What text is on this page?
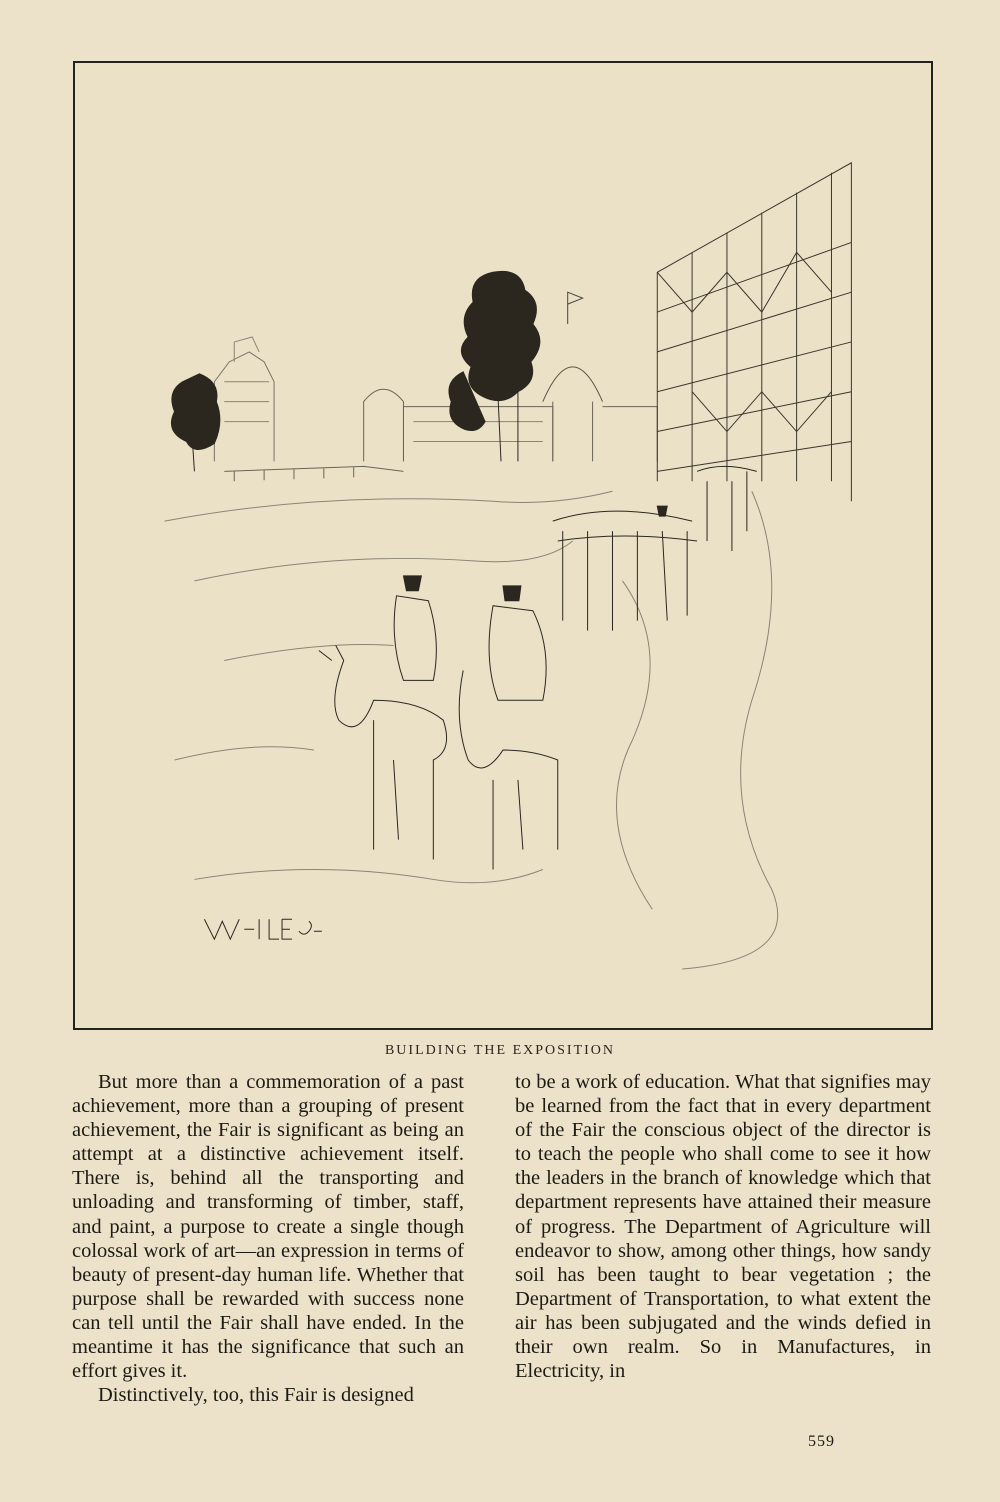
BUILDING THE EXPOSITION

But more than a commemoration of a past achievement, more than a grouping of present achievement, the Fair is significant as being an attempt at a distinctive achievement itself. There is, behind all the transporting and unloading and transforming of timber, staff, and paint, a purpose to create a single though colossal work of art—an expression in terms of beauty of present-day human life. Whether that purpose shall be rewarded with success none can tell until the Fair shall have ended. In the meantime it has the significance that such an effort gives it.

Distinctively, too, this Fair is designed

to be a work of education. What that signifies may be learned from the fact that in every department of the Fair the conscious object of the director is to teach the people who shall come to see it how the leaders in the branch of knowledge which that department represents have attained their measure of progress. The Department of Agriculture will endeavor to show, among other things, how sandy soil has been taught to bear vegetation ; the Department of Transportation, to what extent the air has been subjugated and the winds defied in their own realm. So in Manufactures, in Electricity, in

559
